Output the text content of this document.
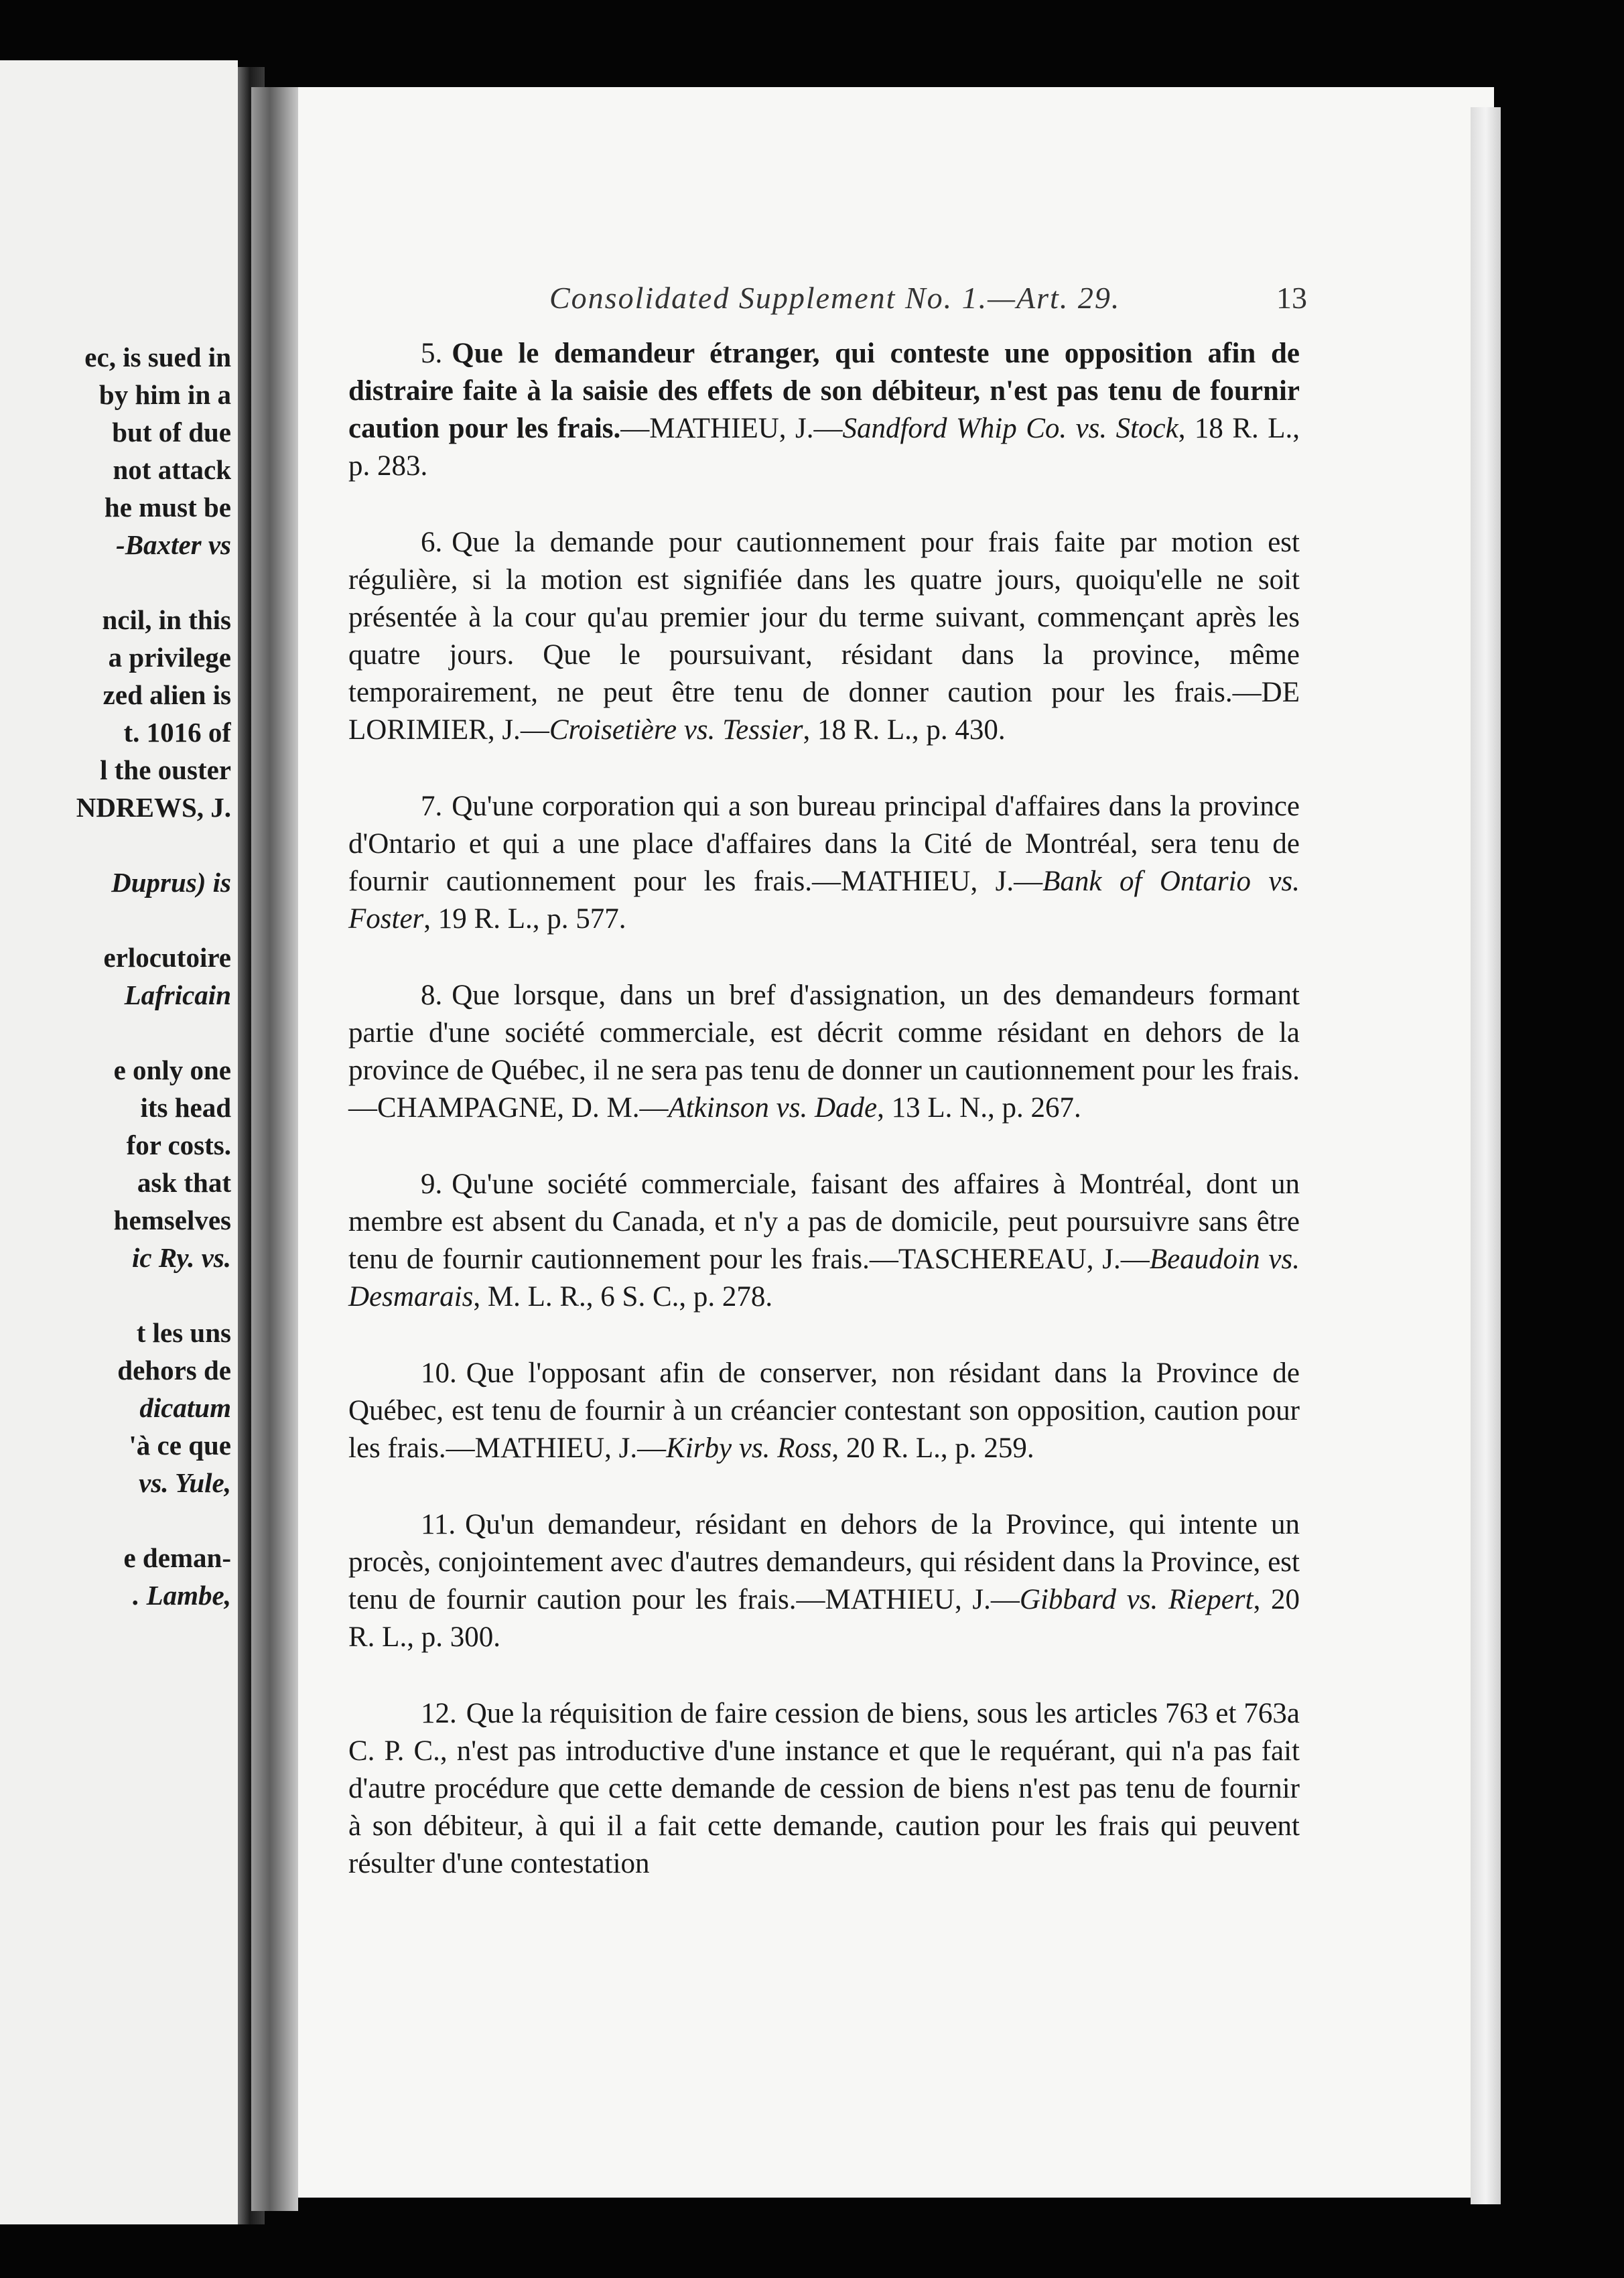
ec, is sued in
by him in a
but of due
not attack
he must be
-Baxter vs
ncil, in this
a privilege
zed alien is
t. 1016 of
l the ouster
NDREWS, J.
Duprus) is
erlocutoire
Lafricain
e only one
its head
for costs.
ask that
hemselves
ic Ry. vs.
t les uns
dehors de
dicatum
'à ce que
vs. Yule,
e deman-
. Lambe,
Consolidated Supplement No. 1.—Art. 29.	13

5. Que le demandeur étranger, qui conteste une opposition afin de distraire faite à la saisie des effets de son débiteur, n'est pas tenu de fournir caution pour les frais.—MATHIEU, J.—Sandford Whip Co. vs. Stock, 18 R. L., p. 283.

6. Que la demande pour cautionnement pour frais faite par motion est régulière, si la motion est signifiée dans les quatre jours, quoiqu'elle ne soit présentée à la cour qu'au premier jour du terme suivant, commençant après les quatre jours. Que le poursuivant, résidant dans la province, même temporairement, ne peut être tenu de donner caution pour les frais.—DE LORIMIER, J.—Croisetière vs. Tessier, 18 R. L., p. 430.

7. Qu'une corporation qui a son bureau principal d'affaires dans la province d'Ontario et qui a une place d'affaires dans la Cité de Montréal, sera tenu de fournir cautionnement pour les frais.—MATHIEU, J.—Bank of Ontario vs. Foster, 19 R. L., p. 577.

8. Que lorsque, dans un bref d'assignation, un des demandeurs formant partie d'une société commerciale, est décrit comme résidant en dehors de la province de Québec, il ne sera pas tenu de donner un cautionnement pour les frais.—CHAMPAGNE, D. M.—Atkinson vs. Dade, 13 L. N., p. 267.

9. Qu'une société commerciale, faisant des affaires à Montréal, dont un membre est absent du Canada, et n'y a pas de domicile, peut poursuivre sans être tenu de fournir cautionnement pour les frais.—TASCHEREAU, J.—Beaudoin vs. Desmarais, M. L. R., 6 S. C., p. 278.

10. Que l'opposant afin de conserver, non résidant dans la Province de Québec, est tenu de fournir à un créancier contestant son opposition, caution pour les frais.—MATHIEU, J.—Kirby vs. Ross, 20 R. L., p. 259.

11. Qu'un demandeur, résidant en dehors de la Province, qui intente un procès, conjointement avec d'autres demandeurs, qui résident dans la Province, est tenu de fournir caution pour les frais.—MATHIEU, J.—Gibbard vs. Riepert, 20 R. L., p. 300.

12. Que la réquisition de faire cession de biens, sous les articles 763 et 763a C. P. C., n'est pas introductive d'une instance et que le requérant, qui n'a pas fait d'autre procédure que cette demande de cession de biens n'est pas tenu de fournir à son débiteur, à qui il a fait cette demande, caution pour les frais qui peuvent résulter d'une contestation
